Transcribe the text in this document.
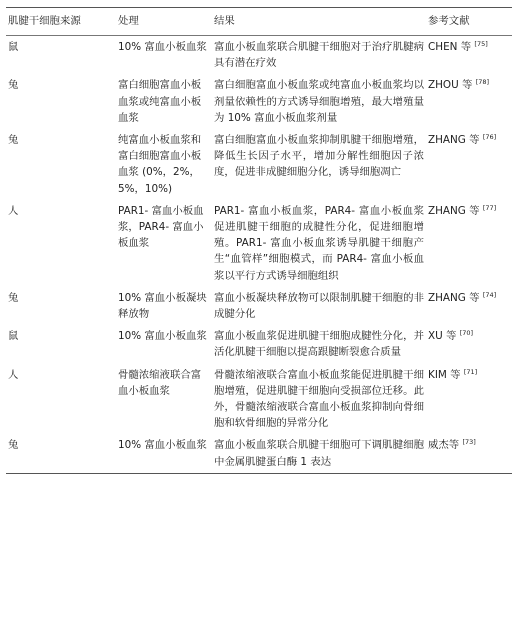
肌腱干细胞来源	处理	结果	参考文献
鼠	10% 富血小板血浆	富血小板血浆联合肌腱干细胞对于治疗肌腱病具有潜在疗效	CHEN 等 [75]
兔	富白细胞富血小板血浆或纯富血小板血浆	富白细胞富血小板血浆或纯富血小板血浆均以剂量依赖性的方式诱导细胞增殖，最大增殖量为 10% 富血小板血浆剂量	ZHOU 等 [78]
兔	纯富血小板血浆和富白细胞富血小板血浆 (0%，2%，5%，10%)	富白细胞富血小板血浆抑制肌腱干细胞增殖，降低生长因子水平，增加分解性细胞因子浓度，促进非成腱细胞分化，诱导细胞凋亡	ZHANG 等 [76]
人	PAR1- 富血小板血浆，PAR4- 富血小板血浆	PAR1- 富血小板血浆，PAR4- 富血小板血浆促进肌腱干细胞的成腱性分化，促进细胞增殖。PAR1- 富血小板血浆诱导肌腱干细胞产生“血管样”细胞模式，而 PAR4- 富血小板血浆以平行方式诱导细胞组织	ZHANG 等 [77]
兔	10% 富血小板凝块释放物	富血小板凝块释放物可以限制肌腱干细胞的非成腱分化	ZHANG 等 [74]
鼠	10% 富血小板血浆	富血小板血浆促进肌腱干细胞成腱性分化，并活化肌腱干细胞以提高跟腱断裂愈合质量	XU 等 [70]
人	骨髓浓缩液联合富血小板血浆	骨髓浓缩液联合富血小板血浆能促进肌腱干细胞增殖，促进肌腱干细胞向受损部位迁移。此外，骨髓浓缩液联合富血小板血浆抑制向骨细胞和软骨细胞的异常分化	KIM 等 [71]
兔	10% 富血小板血浆	富血小板血浆联合肌腱干细胞可下调肌腱细胞中金属肌腱蛋白酶 1 表达	威杰等 [73]
